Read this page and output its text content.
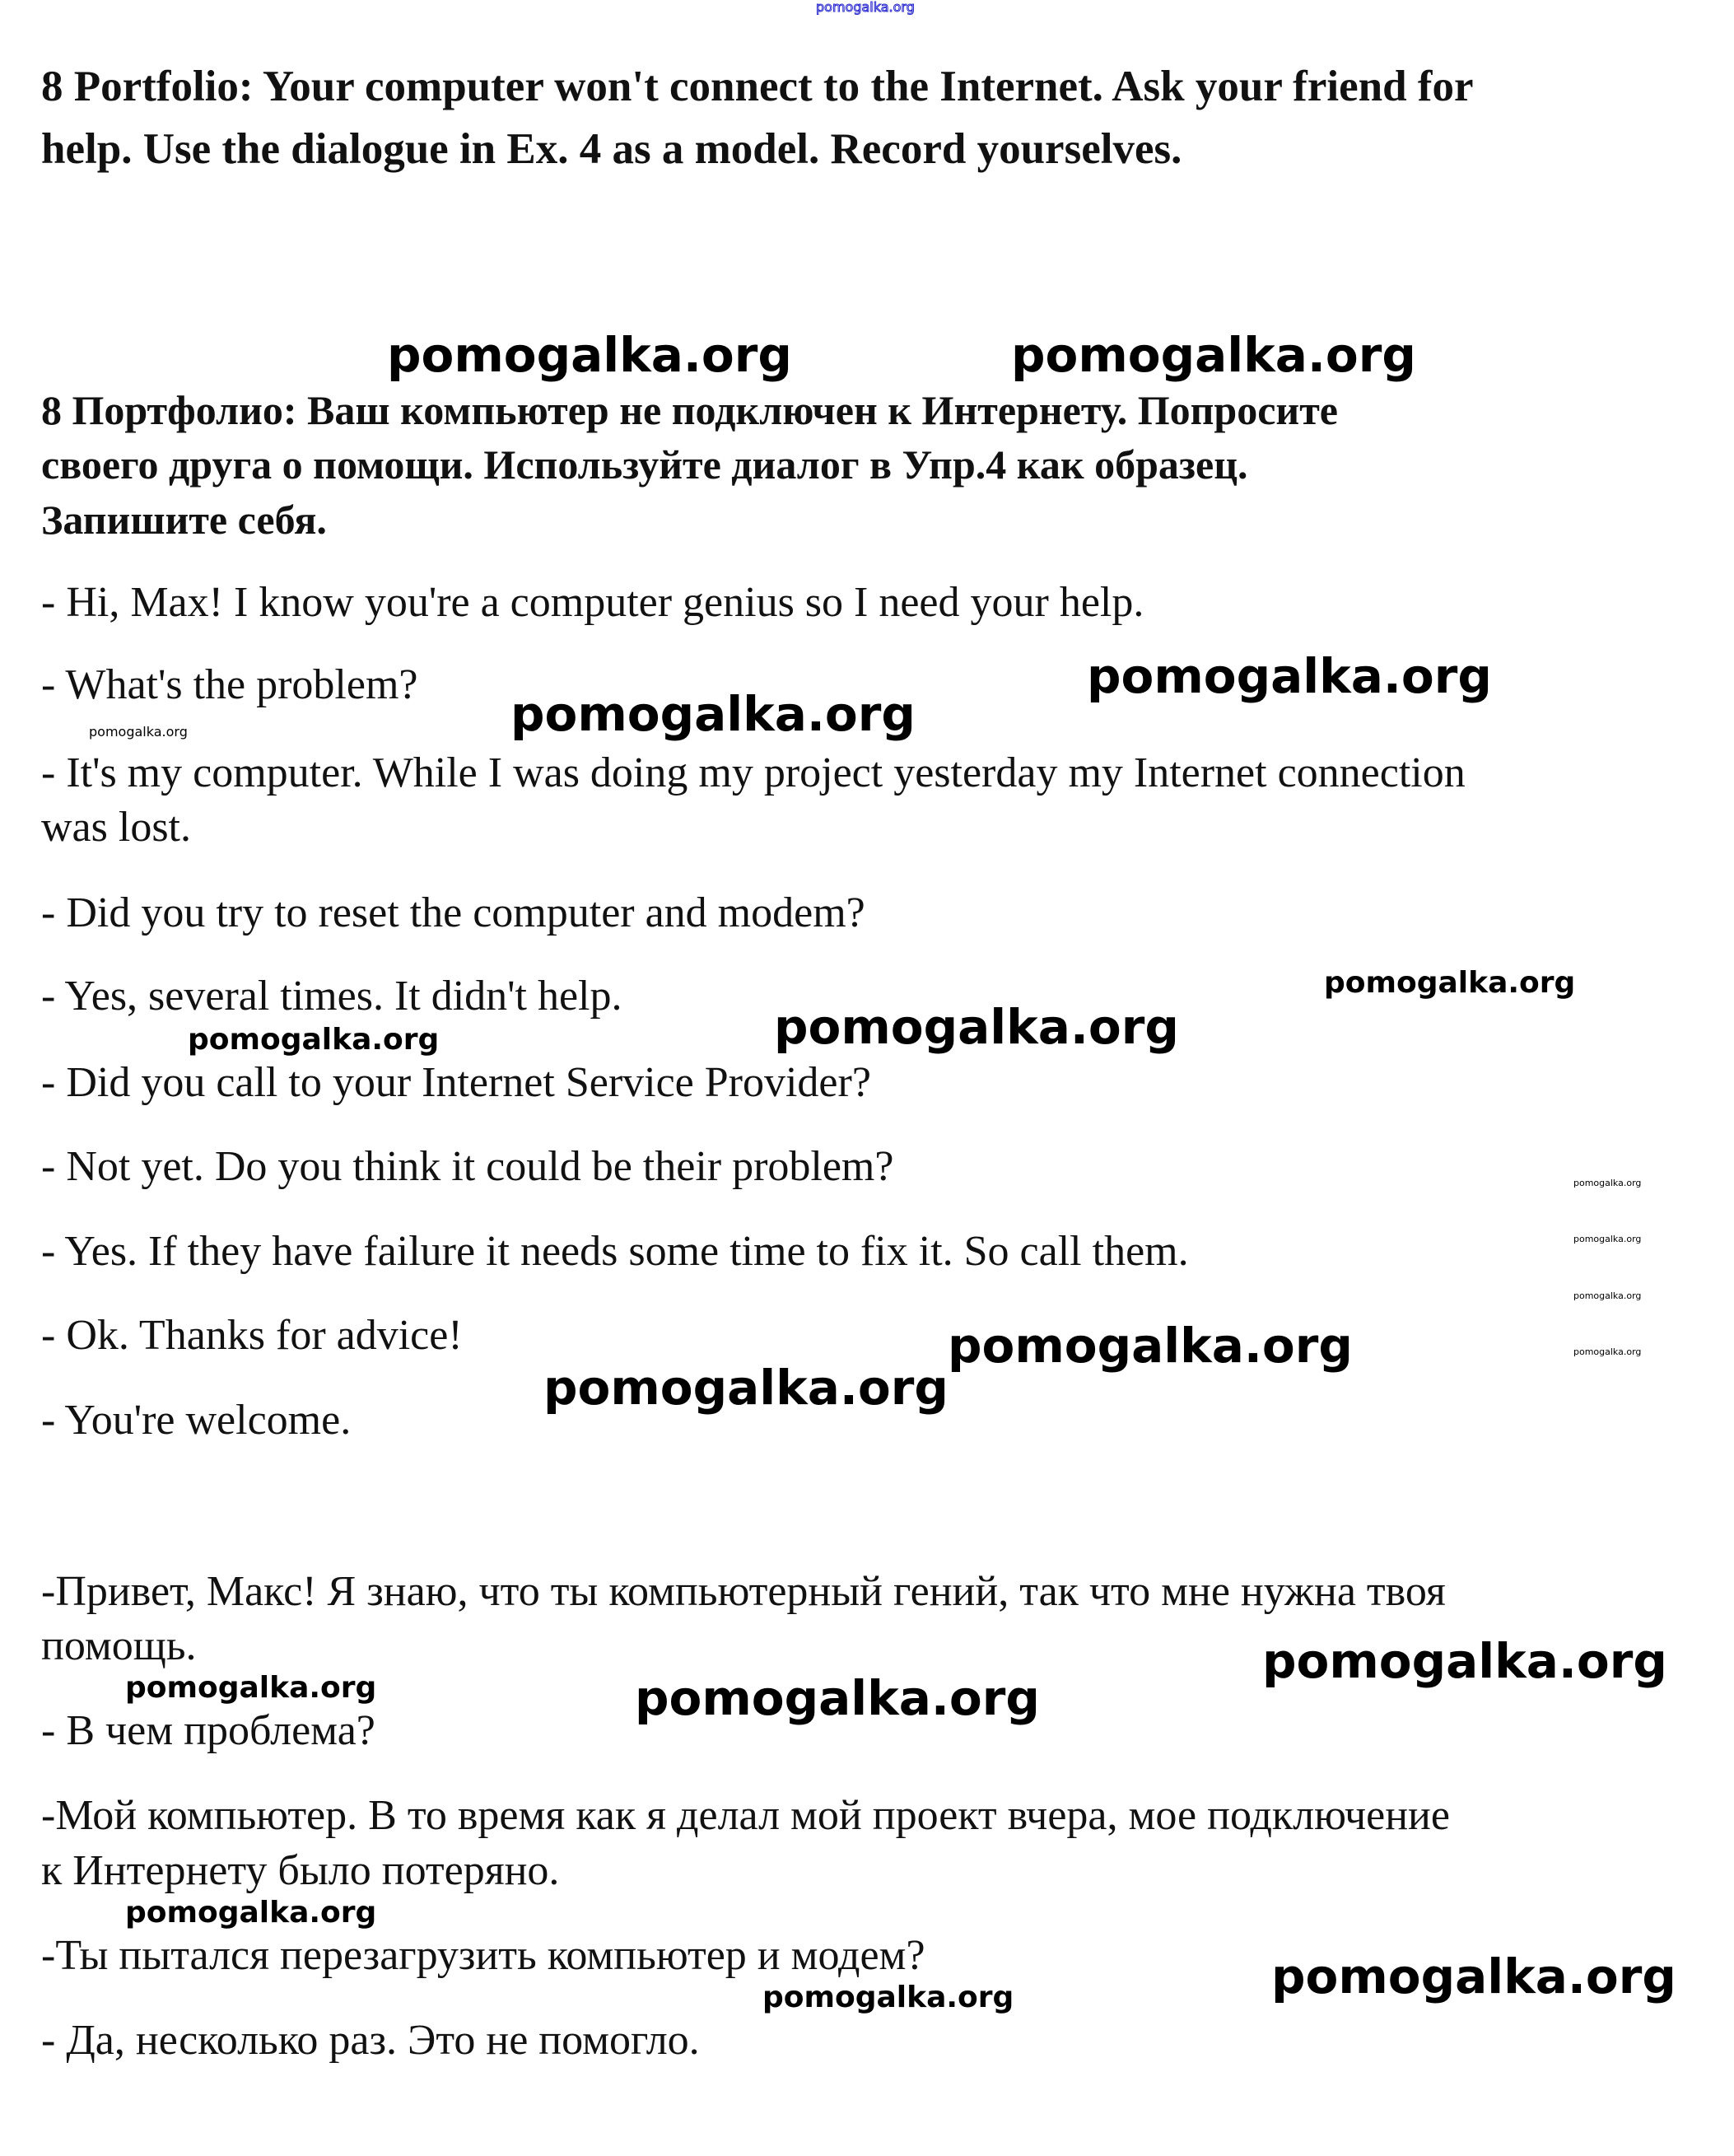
8 Portfolio: Your computer won't connect to the Internet. Ask your friend for
help. Use the dialogue in Ex. 4 as a model. Record yourselves.
8 Портфолио: Ваш компьютер не подключен к Интернету. Попросите
своего друга о помощи. Используйте диалог в Упр.4 как образец.
Запишите себя.
- Hi, Max! I know you're a computer genius so I need your help.
- What's the problem?
- It's my computer. While I was doing my project yesterday my Internet connection
was lost.
- Did you try to reset the computer and modem?
- Yes, several times. It didn't help.
- Did you call to your Internet Service Provider?
- Not yet. Do you think it could be their problem?
- Yes. If they have failure it needs some time to fix it. So call them.
- Ok. Thanks for advice!
- You're welcome.
-Привет, Макс! Я знаю, что ты компьютерный гений, так что мне нужна твоя
помощь.
- В чем проблема?
-Мой компьютер. В то время как я делал мой проект вчера, мое подключение
к Интернету было потеряно.
-Ты пытался перезагрузить компьютер и модем?
- Да, несколько раз. Это не помогло.
pomogalka.org
pomogalka.org	pomogalka.org
pomogalka.org
pomogalka.org
pomogalka.org
pomogalka.org
pomogalka.org
pomogalka.org
pomogalka.org
pomogalka.org
pomogalka.org
pomogalka.org
pomogalka.org
pomogalka.org
pomogalka.org
pomogalka.org
pomogalka.org
pomogalka.org
pomogalka.org
pomogalka.org
